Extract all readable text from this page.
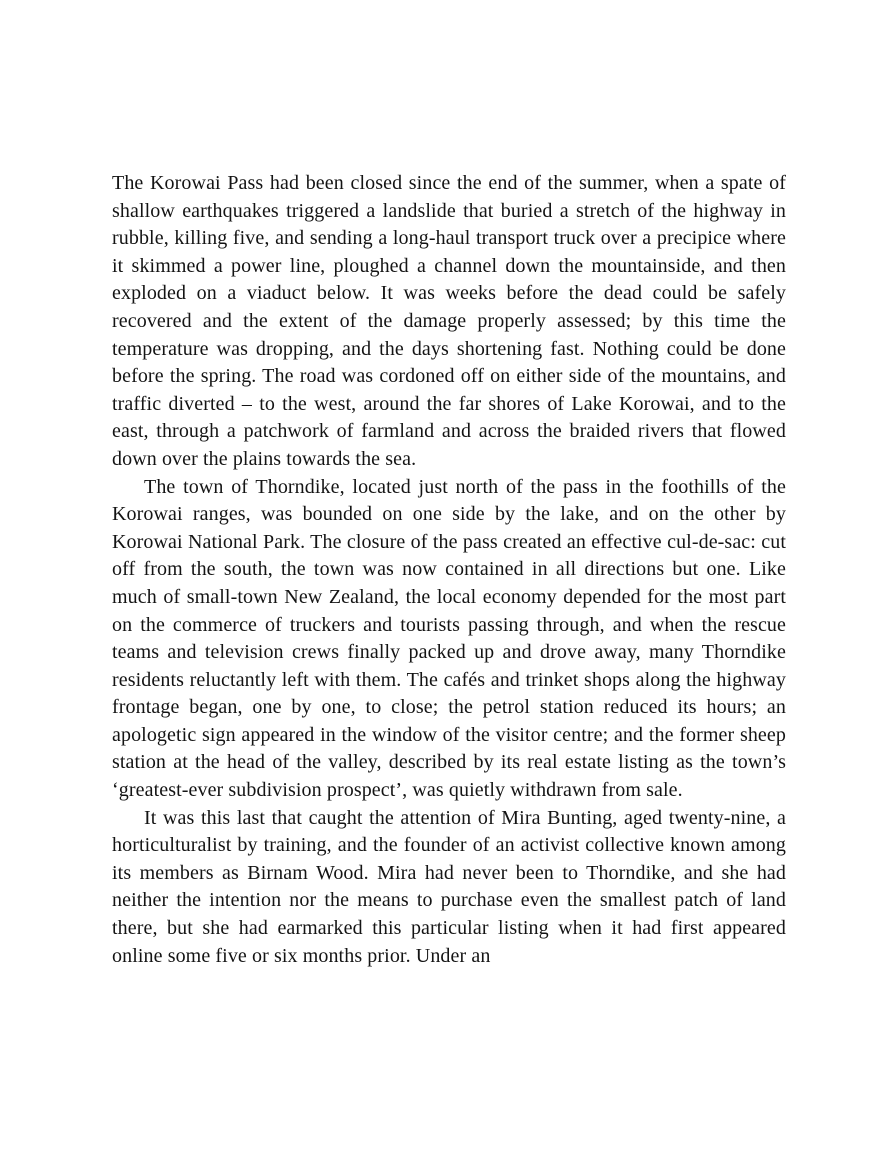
The Korowai Pass had been closed since the end of the summer, when a spate of shallow earthquakes triggered a landslide that buried a stretch of the highway in rubble, killing five, and sending a long-haul transport truck over a precipice where it skimmed a power line, ploughed a channel down the mountainside, and then exploded on a viaduct below. It was weeks before the dead could be safely recovered and the extent of the damage properly assessed; by this time the temperature was dropping, and the days shortening fast. Nothing could be done before the spring. The road was cordoned off on either side of the mountains, and traffic diverted – to the west, around the far shores of Lake Korowai, and to the east, through a patchwork of farmland and across the braided rivers that flowed down over the plains towards the sea.

The town of Thorndike, located just north of the pass in the foothills of the Korowai ranges, was bounded on one side by the lake, and on the other by Korowai National Park. The closure of the pass created an effective cul-de-sac: cut off from the south, the town was now contained in all directions but one. Like much of small-town New Zealand, the local economy depended for the most part on the commerce of truckers and tourists passing through, and when the rescue teams and television crews finally packed up and drove away, many Thorndike residents reluctantly left with them. The cafés and trinket shops along the highway frontage began, one by one, to close; the petrol station reduced its hours; an apologetic sign appeared in the window of the visitor centre; and the former sheep station at the head of the valley, described by its real estate listing as the town’s ‘greatest-ever subdivision prospect’, was quietly withdrawn from sale.

It was this last that caught the attention of Mira Bunting, aged twenty-nine, a horticulturalist by training, and the founder of an activist collective known among its members as Birnam Wood. Mira had never been to Thorndike, and she had neither the intention nor the means to purchase even the smallest patch of land there, but she had earmarked this particular listing when it had first appeared online some five or six months prior. Under an
